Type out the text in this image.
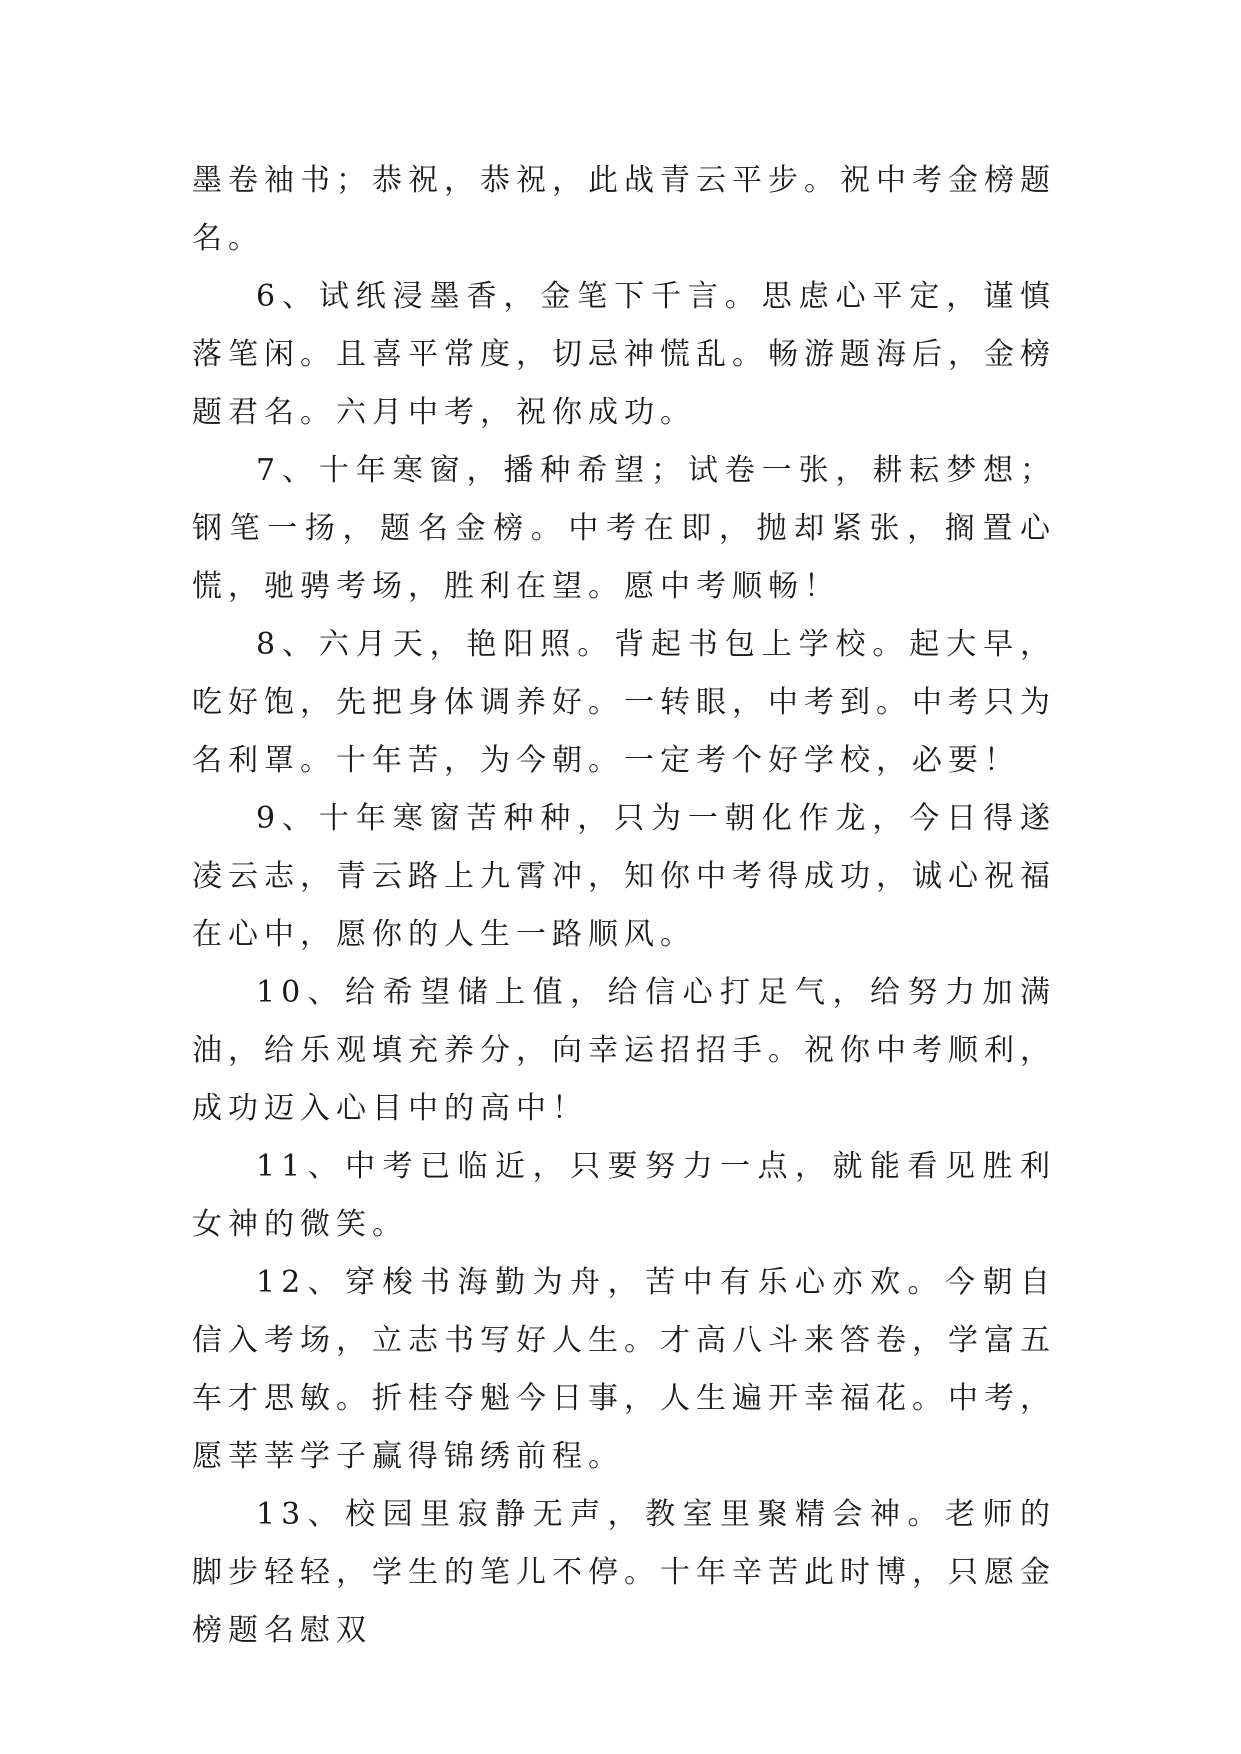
墨卷袖书；恭祝，恭祝，此战青云平步。祝中考金榜题名。

6、试纸浸墨香，金笔下千言。思虑心平定，谨慎落笔闲。且喜平常度，切忌神慌乱。畅游题海后，金榜题君名。六月中考，祝你成功。

7、十年寒窗，播种希望；试卷一张，耕耘梦想；钢笔一扬，题名金榜。中考在即，抛却紧张，搁置心慌，驰骋考场，胜利在望。愿中考顺畅！

8、六月天，艳阳照。背起书包上学校。起大早，吃好饱，先把身体调养好。一转眼，中考到。中考只为名利罩。十年苦，为今朝。一定考个好学校，必要！

9、十年寒窗苦种种，只为一朝化作龙，今日得遂凌云志，青云路上九霄冲，知你中考得成功，诚心祝福在心中，愿你的人生一路顺风。

10、给希望储上值，给信心打足气，给努力加满油，给乐观填充养分，向幸运招招手。祝你中考顺利，成功迈入心目中的高中！

11、中考已临近，只要努力一点，就能看见胜利女神的微笑。

12、穿梭书海勤为舟，苦中有乐心亦欢。今朝自信入考场，立志书写好人生。才高八斗来答卷，学富五车才思敏。折桂夺魁今日事，人生遍开幸福花。中考，愿莘莘学子赢得锦绣前程。

13、校园里寂静无声，教室里聚精会神。老师的脚步轻轻，学生的笔儿不停。十年辛苦此时博，只愿金榜题名慰双
